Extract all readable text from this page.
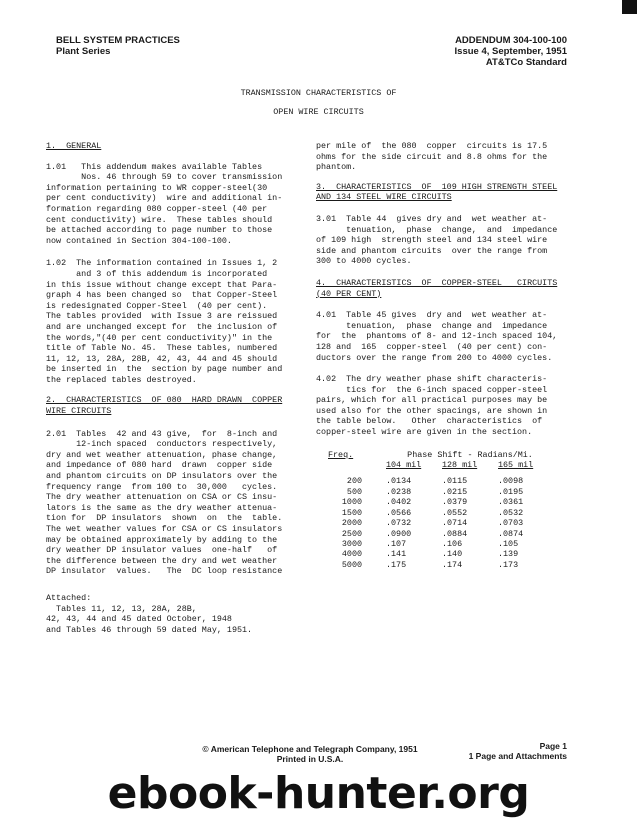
BELL SYSTEM PRACTICES
Plant Series
ADDENDUM 304-100-100
Issue 4, September, 1951
AT&TCo Standard
TRANSMISSION CHARACTERISTICS OF
OPEN WIRE CIRCUITS
1.  GENERAL
1.01   This addendum makes available Tables
Nos. 46 through 59 to cover transmission
information pertaining to WR copper-steel(30
per cent conductivity)  wire and additional in-
formation regarding 080 copper-steel (40 per
cent conductivity) wire.  These tables should
be attached according to page number to those
now contained in Section 304-100-100.
1.02  The information contained in Issues 1, 2
and 3 of this addendum is incorporated
in this issue without change except that Para-
graph 4 has been changed so  that Copper-Steel
is redesignated Copper-Steel  (40 per cent).
The tables provided  with Issue 3 are reissued
and are unchanged except for  the inclusion of
the words,"(40 per cent conductivity)" in the
title of Table No. 45.  These tables, numbered
11, 12, 13, 28A, 28B, 42, 43, 44 and 45 should
be inserted in  the  section by page number and
the replaced tables destroyed.
2.  CHARACTERISTICS  OF 080  HARD DRAWN  COPPER
WIRE CIRCUITS
2.01  Tables  42 and 43 give,  for  8-inch and
12-inch spaced  conductors respectively,
dry and wet weather attenuation, phase change,
and impedance of 080 hard  drawn  copper side
and phantom circuits on DP insulators over the
frequency range  from 100 to  30,000   cycles.
The dry weather attenuation on CSA or CS insu-
lators is the same as the dry weather attenua-
tion for  DP insulators  shown  on  the  table.
The wet weather values for CSA or CS insulators
may be obtained approximately by adding to the
dry weather DP insulator values  one-half   of
the difference between the dry and wet weather
DP insulator  values.   The  DC loop resistance
Attached:
Tables 11, 12, 13, 28A, 28B,
42, 43, 44 and 45 dated October, 1948
and Tables 46 through 59 dated May, 1951.
per mile of  the 080  copper  circuits is 17.5
ohms for the side circuit and 8.8 ohms for the
phantom.
3.  CHARACTERISTICS  OF  109 HIGH STRENGTH STEEL
AND 134 STEEL WIRE CIRCUITS
3.01  Table 44  gives dry and  wet weather at-
tenuation,  phase  change,  and  impedance
of 109 high  strength steel and 134 steel wire
side and phantom circuits  over the range from
300 to 4000 cycles.
4.  CHARACTERISTICS  OF  COPPER-STEEL   CIRCUITS
(40 PER CENT)
4.01  Table 45 gives  dry and  wet weather at-
tenuation,  phase  change and  impedance
for  the  phantoms of 8- and 12-inch spaced 104,
128 and  165  copper-steel  (40 per cent) con-
ductors over the range from 200 to 4000 cycles.
4.02  The dry weather phase shift characteris-
tics for  the 6-inch spaced copper-steel
pairs, which for all practical purposes may be
used also for the other spacings, are shown in
the table below.   Other  characteristics  of
copper-steel wire are given in the section.
Freq.	Phase Shift - Radians/Mi.		
	104 mil	128 mil	165 mil

200	.0134	.0115	.0098
500	.0238	.0215	.0195
1000	.0402	.0379	.0361
1500	.0566	.0552	.0532
2000	.0732	.0714	.0703
2500	.0900	.0884	.0874
3000	.107	.106	.105
4000	.141	.140	.139
5000	.175	.174	.173
© American Telephone and Telegraph Company, 1951
Printed in U.S.A.
Page 1
1 Page and Attachments
ebook-hunter.org
